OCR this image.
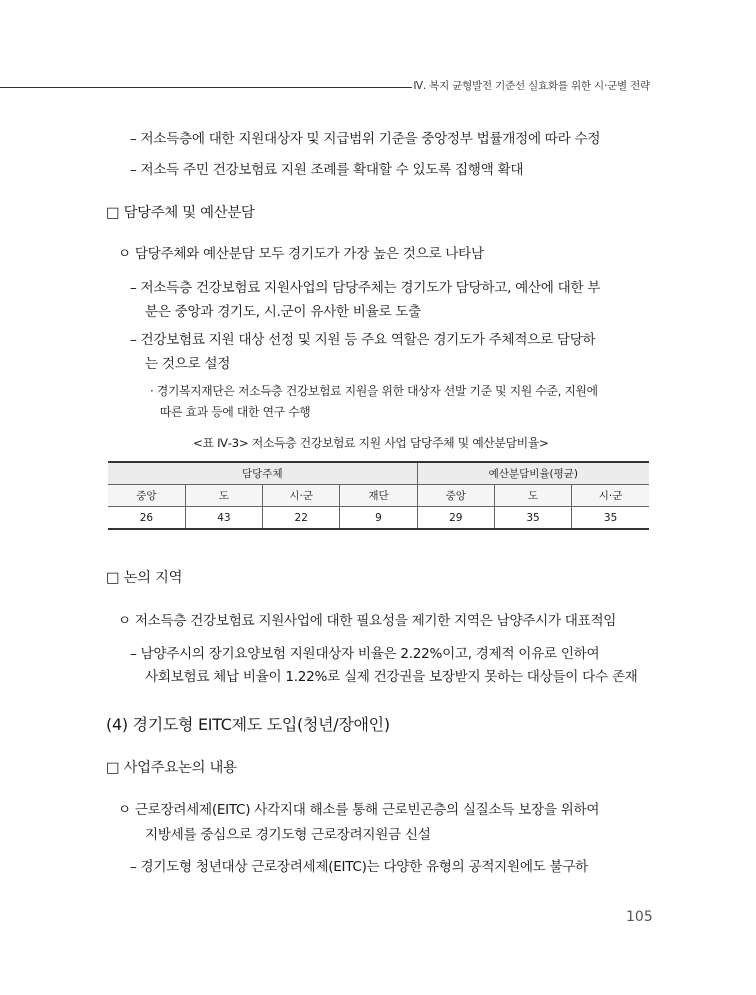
Ⅳ. 복지 균형발전 기준선 실효화를 위한 시·군별 전략
– 저소득층에 대한 지원대상자 및 지급범위 기준을 중앙정부 법률개정에 따라 수정
– 저소득 주민 건강보험료 지원 조례를 확대할 수 있도록 집행액 확대
□ 담당주체 및 예산분담
ㅇ 담당주체와 예산분담 모두 경기도가 가장 높은 것으로 나타남
– 저소득층 건강보험료 지원사업의 담당주체는 경기도가 담당하고, 예산에 대한 부
분은 중앙과 경기도, 시.군이 유사한 비율로 도출
– 건강보험료 지원 대상 선정 및 지원 등 주요 역할은 경기도가 주체적으로 담당하
는 것으로 설정
· 경기복지재단은 저소득층 건강보험료 지원을 위한 대상자 선발 기준 및 지원 수준, 지원에
따른 효과 등에 대한 연구 수행
<표 Ⅳ-3> 저소득층 건강보험료 지원 사업 담당주체 및 예산분담비율>
담당주체				예산분담비율(평균)		
중앙	도	시·군	재단	중앙	도	시·군
26	43	22	9	29	35	35
□ 논의 지역
ㅇ 저소득층 건강보험료 지원사업에 대한 필요성을 제기한 지역은 남양주시가 대표적임
– 남양주시의 장기요양보험 지원대상자 비율은 2.22%이고, 경제적 이유로 인하여
사회보험료 체납 비율이 1.22%로 실제 건강권을 보장받지 못하는 대상들이 다수 존재
(4) 경기도형 EITC제도 도입(청년/장애인)
□ 사업주요논의 내용
ㅇ 근로장려세제(EITC) 사각지대 해소를 통해 근로빈곤층의 실질소득 보장을 위하여
지방세를 중심으로 경기도형 근로장려지원금 신설
– 경기도형 청년대상 근로장려세제(EITC)는 다양한 유형의 공적지원에도 불구하
105
